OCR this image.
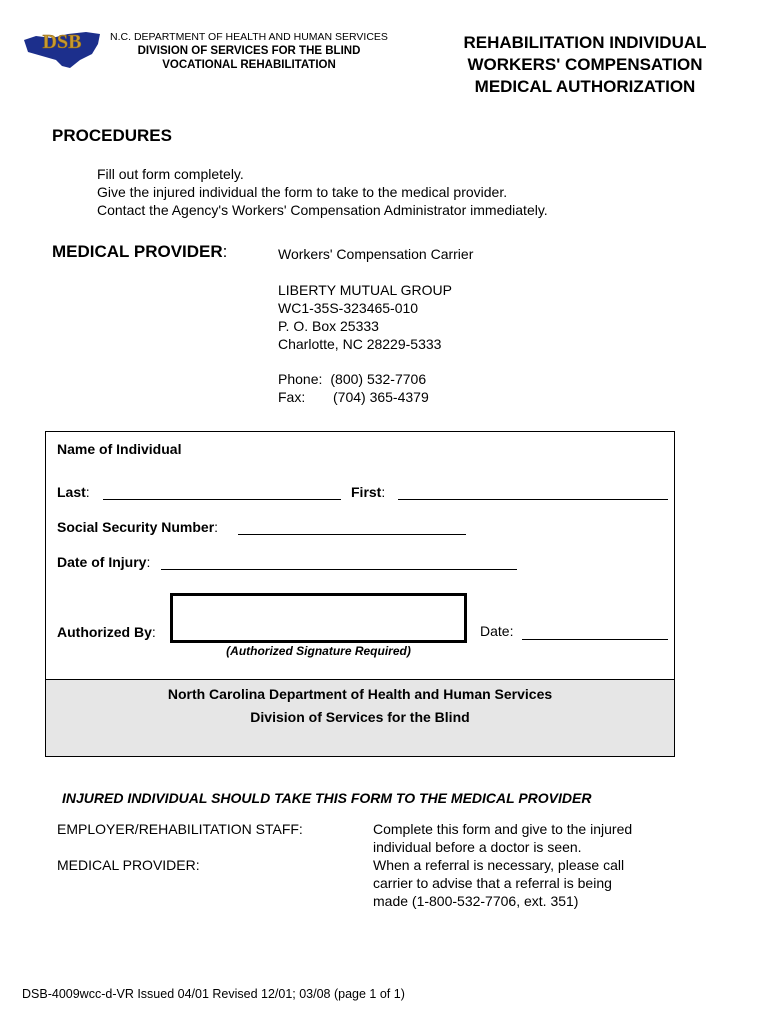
DSB	N.C. DEPARTMENT OF HEALTH AND HUMAN SERVICES
DIVISION OF SERVICES FOR THE BLIND
VOCATIONAL REHABILITATION
REHABILITATION INDIVIDUAL
WORKERS' COMPENSATION
MEDICAL AUTHORIZATION
PROCEDURES
Fill out form completely.
Give the injured individual the form to take to the medical provider.
Contact the Agency's Workers' Compensation Administrator immediately.
MEDICAL PROVIDER:	Workers' Compensation Carrier
LIBERTY MUTUAL GROUP
WC1-35S-323465-010
P. O. Box 25333
Charlotte, NC 28229-5333
Phone: (800) 532-7706
Fax: (704) 365-4379
Name of Individual
Last:	First:
Social Security Number:
Date of Injury:
Authorized By:
(Authorized Signature Required)
Date:
North Carolina Department of Health and Human Services
Division of Services for the Blind
INJURED INDIVIDUAL SHOULD TAKE THIS FORM TO THE MEDICAL PROVIDER
EMPLOYER/REHABILITATION STAFF:	Complete this form and give to the injured
individual before a doctor is seen.
MEDICAL PROVIDER:	When a referral is necessary, please call
carrier to advise that a referral is being
made (1-800-532-7706, ext. 351)
DSB-4009wcc-d-VR Issued 04/01 Revised 12/01; 03/08 (page 1 of 1)
